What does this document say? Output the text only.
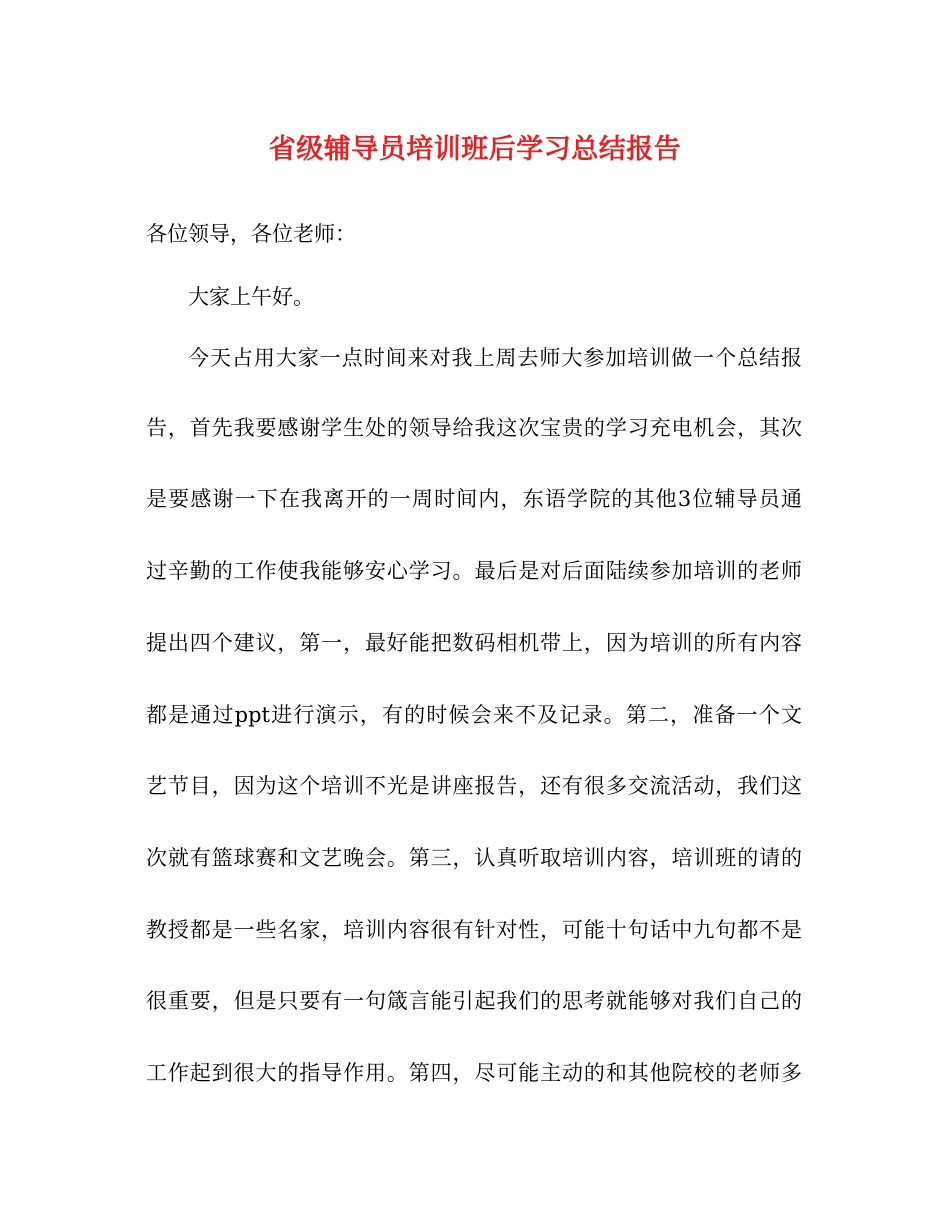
省级辅导员培训班后学习总结报告
各位领导，各位老师：
大家上午好。
今天占用大家一点时间来对我上周去师大参加培训做一个总结报
告，首先我要感谢学生处的领导给我这次宝贵的学习充电机会，其次
是要感谢一下在我离开的一周时间内，东语学院的其他3位辅导员通
过辛勤的工作使我能够安心学习。最后是对后面陆续参加培训的老师
提出四个建议，第一，最好能把数码相机带上，因为培训的所有内容
都是通过ppt进行演示，有的时候会来不及记录。第二，准备一个文
艺节目，因为这个培训不光是讲座报告，还有很多交流活动，我们这
次就有篮球赛和文艺晚会。第三，认真听取培训内容，培训班的请的
教授都是一些名家，培训内容很有针对性，可能十句话中九句都不是
很重要，但是只要有一句箴言能引起我们的思考就能够对我们自己的
工作起到很大的指导作用。第四，尽可能主动的和其他院校的老师多
